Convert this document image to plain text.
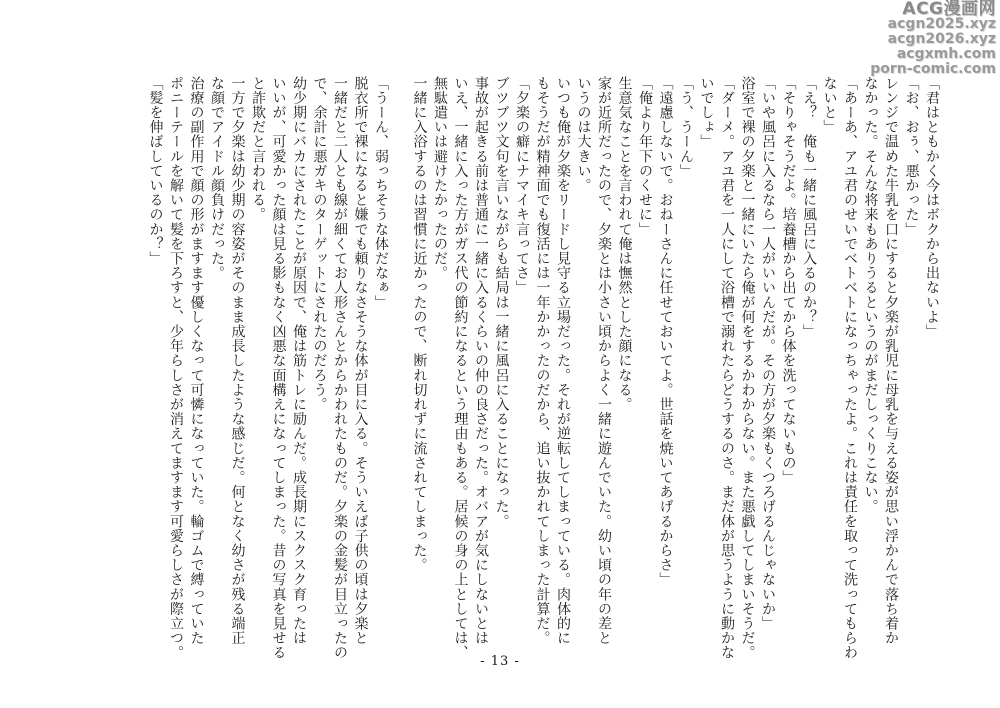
ACG漫画网
acgn2025.xyz
acgn2026.xyz
acgxmh.com
porn-comic.com

「君はともかく今はボクから出ないよ」

「お、おぅ、悪かった」

レンジで温めた牛乳を口にすると夕楽が乳児に母乳を与える姿が思い浮かんで落ち着か

なかった。そんな将来もありうるというのがまだしっくりこない。

「あーあ、アユ君のせいでベトベトになっちゃったよ。これは責任を取って洗ってもらわ

ないと」

「え？　俺も一緒に風呂に入るのか？」

「そりゃそうだよ。培養槽から出てから体を洗ってないもの」

「いや風呂に入るなら一人がいいんだが。その方が夕楽もくつろげるんじゃないか」

浴室で裸の夕楽と一緒にいたら俺が何をするかわからない。また悪戯してしまいそうだ。

「ダーメ。アユ君を一人にして浴槽で溺れたらどうするのさ。まだ体が思うように動かな

いでしょ」

「う、うーん」

「遠慮しないで。おねーさんに任せておいてよ。世話を焼いてあげるからさ」

「俺より年下のくせに」

生意気なことを言われて俺は憮然とした顔になる。

家が近所だったので、夕楽とは小さい頃からよく一緒に遊んでいた。幼い頃の年の差と

いうのは大きい。

いつも俺が夕楽をリードし見守る立場だった。それが逆転してしまっている。肉体的に

もそうだが精神面でも復活には一年かかったのだから、追い抜かれてしまった計算だ。

「夕楽の癖にナマイキ言ってさ」

ブツブツ文句を言いながらも結局は一緒に風呂に入ることになった。

事故が起きる前は普通に一緒に入るくらいの仲の良さだった。オバアが気にしないとは

いえ、一緒に入った方がガス代の節約になるという理由もある。居候の身の上としては、

無駄遣いは避けたかったのだ。

一緒に入浴するのは習慣に近かったので、断れ切れずに流されてしまった。

「うーん、弱っちそうな体だなぁ」

脱衣所で裸になると嫌でも頼りなさそうな体が目に入る。そういえば子供の頃は夕楽と

一緒だと二人とも線が細くてお人形さんとからかわれたものだ。夕楽の金髪が目立ったの

で、余計に悪ガキのターゲットにされたのだろう。

幼少期にバカにされたことが原因で、俺は筋トレに励んだ。成長期にスクスク育ったは

いいが、可愛かった顔は見る影もなく凶悪な面構えになってしまった。昔の写真を見せる

と詐欺だと言われる。

一方で夕楽は幼少期の容姿がそのまま成長したような感じだ。何となく幼さが残る端正

な顔でアイドル顔負けだった。

治療の副作用で顔の形がますます優しくなって可憐になっていた。輪ゴムで縛っていた

ポニーテールを解いて髪を下ろすと、少年らしさが消えてますます可愛らしさが際立つ。

「髪を伸ばしているのか？」

- 13 -
